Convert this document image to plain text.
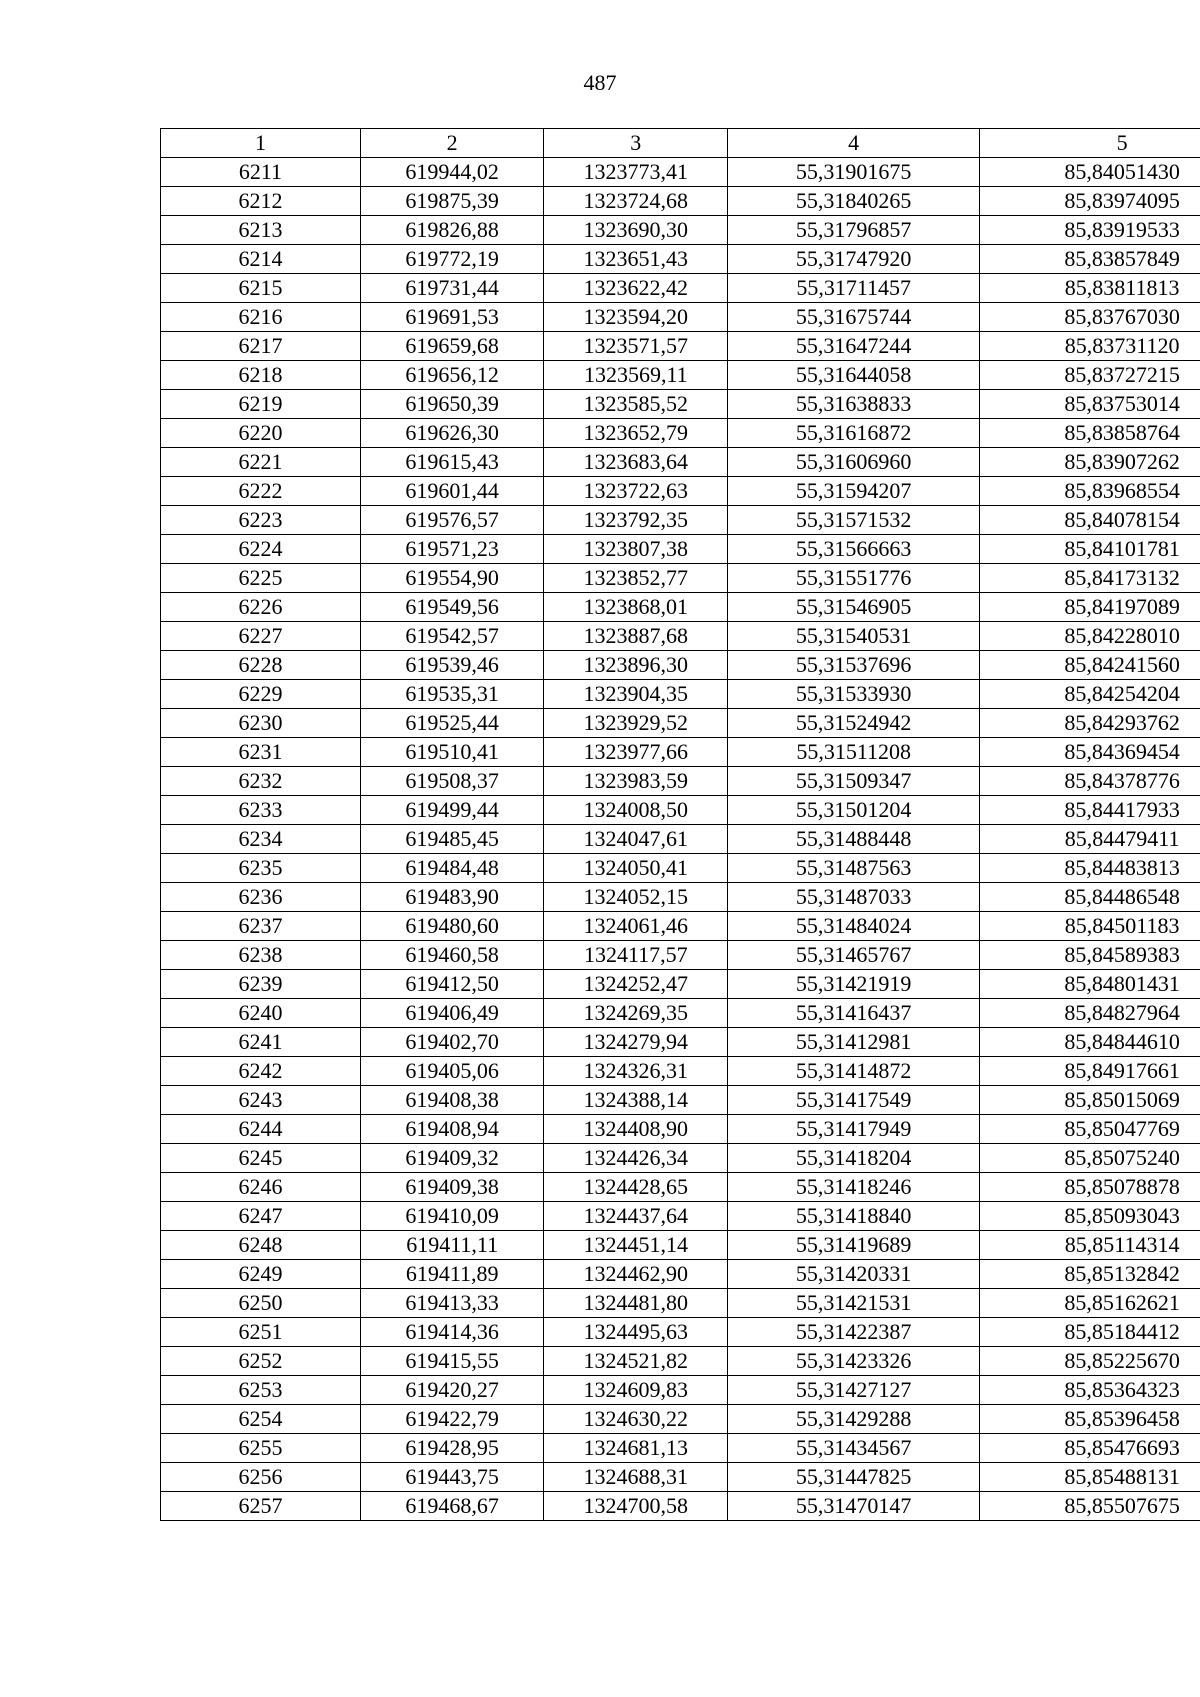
487
1	2	3	4	5
6211	619944,02	1323773,41	55,31901675	85,84051430
6212	619875,39	1323724,68	55,31840265	85,83974095
6213	619826,88	1323690,30	55,31796857	85,83919533
6214	619772,19	1323651,43	55,31747920	85,83857849
6215	619731,44	1323622,42	55,31711457	85,83811813
6216	619691,53	1323594,20	55,31675744	85,83767030
6217	619659,68	1323571,57	55,31647244	85,83731120
6218	619656,12	1323569,11	55,31644058	85,83727215
6219	619650,39	1323585,52	55,31638833	85,83753014
6220	619626,30	1323652,79	55,31616872	85,83858764
6221	619615,43	1323683,64	55,31606960	85,83907262
6222	619601,44	1323722,63	55,31594207	85,83968554
6223	619576,57	1323792,35	55,31571532	85,84078154
6224	619571,23	1323807,38	55,31566663	85,84101781
6225	619554,90	1323852,77	55,31551776	85,84173132
6226	619549,56	1323868,01	55,31546905	85,84197089
6227	619542,57	1323887,68	55,31540531	85,84228010
6228	619539,46	1323896,30	55,31537696	85,84241560
6229	619535,31	1323904,35	55,31533930	85,84254204
6230	619525,44	1323929,52	55,31524942	85,84293762
6231	619510,41	1323977,66	55,31511208	85,84369454
6232	619508,37	1323983,59	55,31509347	85,84378776
6233	619499,44	1324008,50	55,31501204	85,84417933
6234	619485,45	1324047,61	55,31488448	85,84479411
6235	619484,48	1324050,41	55,31487563	85,84483813
6236	619483,90	1324052,15	55,31487033	85,84486548
6237	619480,60	1324061,46	55,31484024	85,84501183
6238	619460,58	1324117,57	55,31465767	85,84589383
6239	619412,50	1324252,47	55,31421919	85,84801431
6240	619406,49	1324269,35	55,31416437	85,84827964
6241	619402,70	1324279,94	55,31412981	85,84844610
6242	619405,06	1324326,31	55,31414872	85,84917661
6243	619408,38	1324388,14	55,31417549	85,85015069
6244	619408,94	1324408,90	55,31417949	85,85047769
6245	619409,32	1324426,34	55,31418204	85,85075240
6246	619409,38	1324428,65	55,31418246	85,85078878
6247	619410,09	1324437,64	55,31418840	85,85093043
6248	619411,11	1324451,14	55,31419689	85,85114314
6249	619411,89	1324462,90	55,31420331	85,85132842
6250	619413,33	1324481,80	55,31421531	85,85162621
6251	619414,36	1324495,63	55,31422387	85,85184412
6252	619415,55	1324521,82	55,31423326	85,85225670
6253	619420,27	1324609,83	55,31427127	85,85364323
6254	619422,79	1324630,22	55,31429288	85,85396458
6255	619428,95	1324681,13	55,31434567	85,85476693
6256	619443,75	1324688,31	55,31447825	85,85488131
6257	619468,67	1324700,58	55,31470147	85,85507675
